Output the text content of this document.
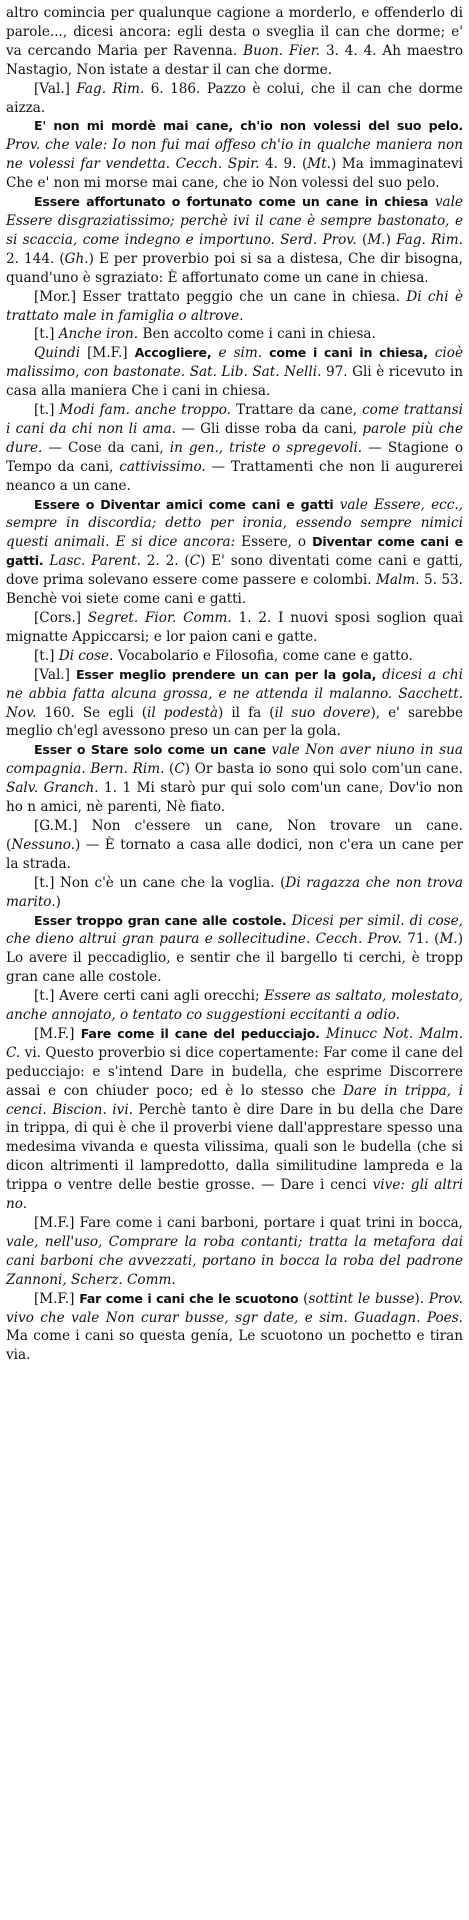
altro comincia per qualunque cagione a morderlo, e offenderlo di parole..., dicesi ancora: egli desta o sveglia il can che dorme; e' va cercando Maria per Ravenna. Buon. Fier. 3. 4. 4. Ah maestro Nastagio, Non istate a destar il can che dorme.

[Val.] Fag. Rim. 6. 186. Pazzo è colui, che il can che dorme aizza.

E' non mi mordè mai cane, ch'io non volessi del suo pelo. Prov. che vale: Io non fui mai offeso ch'io in qualche maniera non ne volessi far vendetta. Cecch. Spir. 4. 9. (Mt.) Ma immaginatevi Che e' non mi morse mai cane, che io Non volessi del suo pelo.

Essere affortunato o fortunato come un cane in chiesa vale Essere disgraziatissimo; perchè ivi il cane è sempre bastonato, e si scaccia, come indegno e importuno. Serd. Prov. (M.) Fag. Rim. 2. 144. (Gh.) E per proverbio poi si sa a distesa, Che dir bisogna, quand'uno è sgraziato: È affortunato come un cane in chiesa.

[Mor.] Esser trattato peggio che un cane in chiesa. Di chi è trattato male in famiglia o altrove.

[t.] Anche iron. Ben accolto come i cani in chiesa.

Quindi [M.F.] Accogliere, e sim. come i cani in chiesa, cioè malissimo, con bastonate. Sat. Lib. Sat. Nelli. 97. Gli è ricevuto in casa alla maniera Che i cani in chiesa.

[t.] Modi fam. anche troppo. Trattare da cane, come trattansi i cani da chi non li ama. — Gli disse roba da cani, parole più che dure. — Cose da cani, in gen., triste o spregevoli. — Stagione o Tempo da cani, cattivissimo. — Trattamenti che non li augurerei neanco a un cane.

Essere o Diventar amici come cani e gatti vale Essere, ecc., sempre in discordia; detto per ironia, essendo sempre nimici questi animali. E si dice ancora: Essere, o Diventar come cani e gatti. Lasc. Parent. 2. 2. (C) E' sono diventati come cani e gatti, dove prima solevano essere come passere e colombi. Malm. 5. 53. Benchè voi siete come cani e gatti.

[Cors.] Segret. Fior. Comm. 1. 2. I nuovi sposi soglion quai mignatte Appiccarsi; e lor paion cani e gatte.

[t.] Di cose. Vocabolario e Filosofia, come cane e gatto.

[Val.] Esser meglio prendere un can per la gola, dicesi a chi ne abbia fatta alcuna grossa, e ne attenda il malanno. Sacchett. Nov. 160. Se egli (il podestà) il fa (il suo dovere), e' sarebbe meglio ch'egl avessono preso un can per la gola.

Esser o Stare solo come un cane vale Non aver niuno in sua compagnia. Bern. Rim. (C) Or basta io sono qui solo com'un cane. Salv. Granch. 1. 1 Mi starò pur qui solo com'un cane, Dov'io non ho n amici, nè parenti, Nè fiato.

[G.M.] Non c'essere un cane, Non trovare un cane. (Nessuno.) — È tornato a casa alle dodici, non c'era un cane per la strada.

[t.] Non c'è un cane che la voglia. (Di ragazza che non trova marito.)

Esser troppo gran cane alle costole. Dicesi per simil. di cose, che dieno altrui gran paura e sollecitudine. Cecch. Prov. 71. (M.) Lo avere il peccadiglio, e sentir che il bargello ti cerchi, è tropp gran cane alle costole.

[t.] Avere certi cani agli orecchi; Essere as saltato, molestato, anche annojato, o tentato co suggestioni eccitanti a odio.

[M.F.] Fare come il cane del peducciajo. Minucc Not. Malm. C. vi. Questo proverbio si dice copertamente: Far come il cane del peducciajo: e s'intend Dare in budella, che esprime Discorrere assai e con chiuder poco; ed è lo stesso che Dare in trippa, i cenci. Biscion. ivi. Perchè tanto è dire Dare in bu della che Dare in trippa, di qui è che il proverbi viene dall'apprestare spesso una medesima vivanda e questa vilissima, quali son le budella (che si dicon altrimenti il lampredotto, dalla similitudine lampreda e la trippa o ventre delle bestie grosse. — Dare i cenci vive: gli altri no.

[M.F.] Fare come i cani barboni, portare i quat trini in bocca, vale, nell'uso, Comprare la roba contanti; tratta la metafora dai cani barboni che avvezzati, portano in bocca la roba del padrone Zannoni, Scherz. Comm.

[M.F.] Far come i cani che le scuotono (sottint le busse). Prov. vivo che vale Non curar busse, sgr date, e sim. Guadagn. Poes. Ma come i cani so questa genía, Le scuotono un pochetto e tiran via.
